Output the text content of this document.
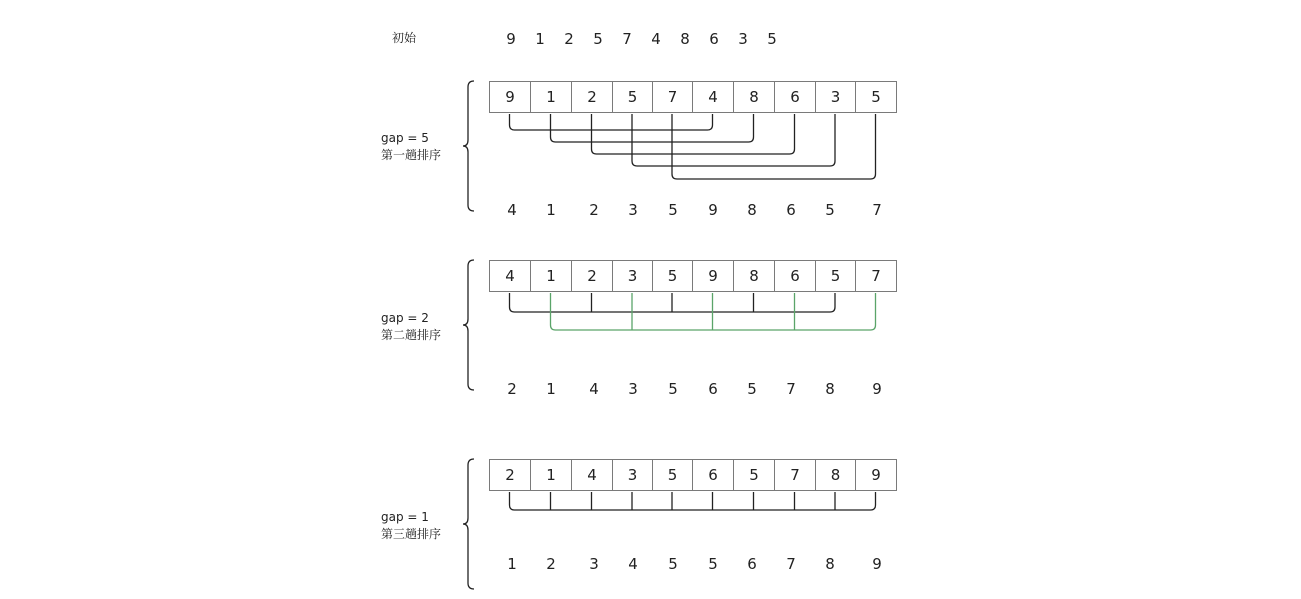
初始	9	1	2	5	7	4	8	6	3	5
gap = 5
第一趟排序
9	1	2	5	7	4	8	6	3	5
4	1	2	3	5	9	8	6	5	7
gap = 2
第二趟排序
4	1	2	3	5	9	8	6	5	7
2	1	4	3	5	6	5	7	8	9
gap = 1
第三趟排序
2	1	4	3	5	6	5	7	8	9
1	2	3	4	5	5	6	7	8	9
